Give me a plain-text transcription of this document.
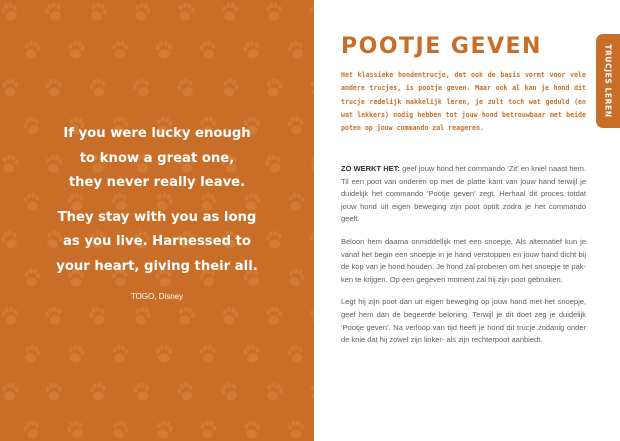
If you were lucky enough
to know a great one,
they never really leave.

They stay with you as long
as you live. Harnessed to
your heart, giving their all.

TOGO, Disney
POOTJE GEVEN

Het klassieke hondentrucje, dat ook de basis vormt voor vele andere trucjes, is pootje geven. Maar ook al kan je hond dit trucje redelijk makkelijk leren, je zult toch wat geduld (en wat lekkers) nodig hebben tot jouw hond betrouwbaar met beide poten op jouw commando zal reageren.

ZO WERKT HET: geef jouw hond het commando ‘Zit’ en kniel naast hem. Til een poot van onderen op met de platte kant van jouw hand terwijl je duidelijk het commando ‘Pootje geven’ zegt. Herhaal dit proces totdat jouw hond uit eigen beweging zijn poot optilt zodra je het commando geeft.

Beloon hem daarna onmiddellijk met een snoepje. Als alternatief kun je vanaf het begin een snoepje in je hand verstoppen en jouw hand dicht bij de kop van je hond houden. Je hond zal proberen om het snoepje te pakken te krijgen. Op een gegeven moment zal hij zijn poot gebruiken.

Legt hij zijn poot dan uit eigen beweging op jouw hand met het snoepje, geef hem dan de begeerde beloning. Terwijl je dit doet zeg je duidelijk ‘Pootje geven’. Na verloop van tijd heeft je hond dit trucje zodanig onder de knie dat hij zowel zijn linker- als zijn rechterpoot aanbiedt.

TRUCJES LEREN
